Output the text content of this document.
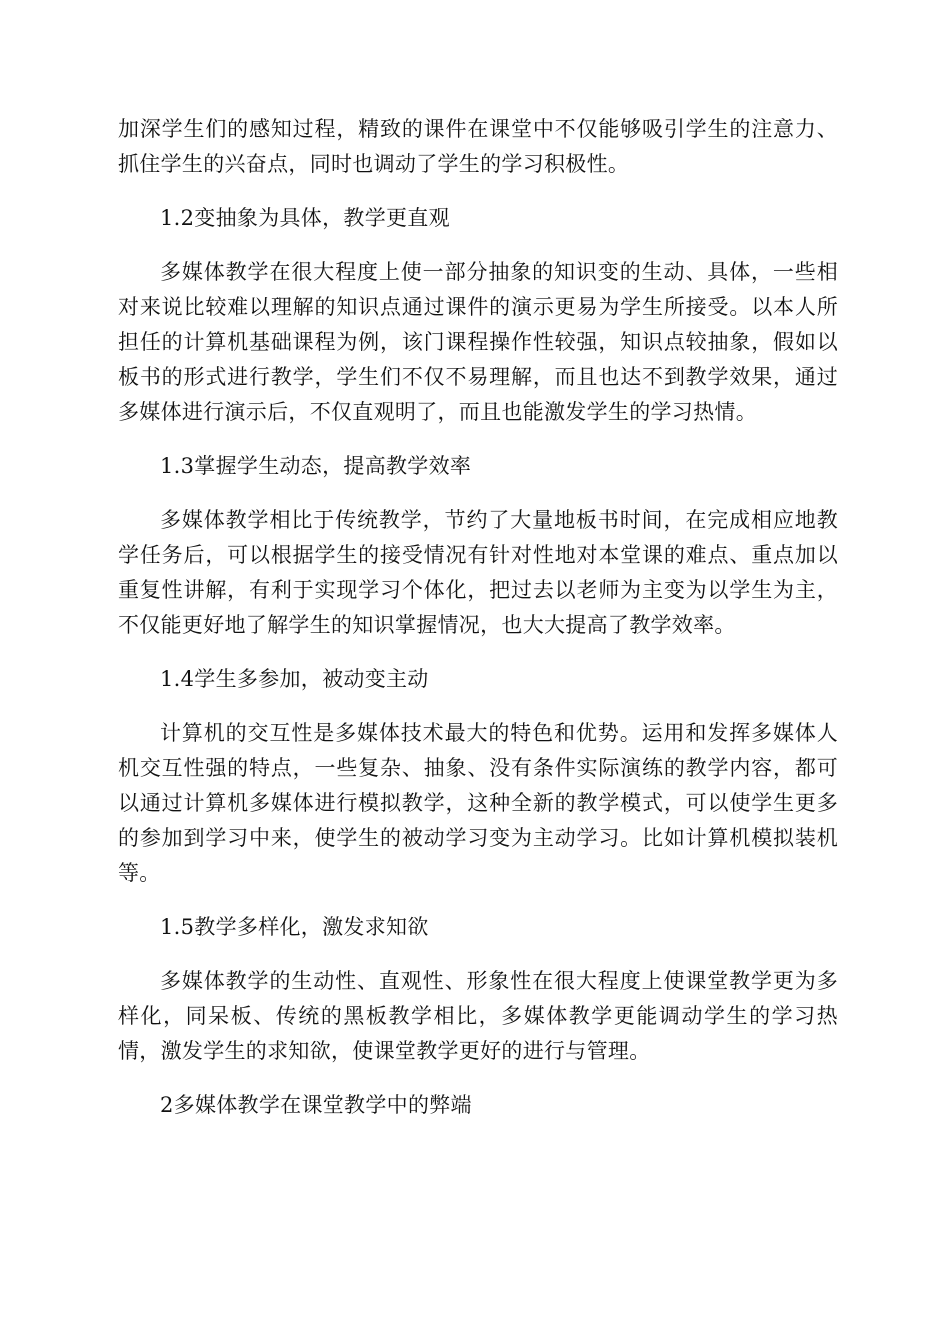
加深学生们的感知过程，精致的课件在课堂中不仅能够吸引学生的注意力、抓住学生的兴奋点，同时也调动了学生的学习积极性。

1.2变抽象为具体，教学更直观

多媒体教学在很大程度上使一部分抽象的知识变的生动、具体，一些相对来说比较难以理解的知识点通过课件的演示更易为学生所接受。以本人所担任的计算机基础课程为例，该门课程操作性较强，知识点较抽象，假如以板书的形式进行教学，学生们不仅不易理解，而且也达不到教学效果，通过多媒体进行演示后，不仅直观明了，而且也能激发学生的学习热情。

1.3掌握学生动态，提高教学效率

多媒体教学相比于传统教学，节约了大量地板书时间，在完成相应地教学任务后，可以根据学生的接受情况有针对性地对本堂课的难点、重点加以重复性讲解，有利于实现学习个体化，把过去以老师为主变为以学生为主，不仅能更好地了解学生的知识掌握情况，也大大提高了教学效率。

1.4学生多参加，被动变主动

计算机的交互性是多媒体技术最大的特色和优势。运用和发挥多媒体人机交互性强的特点，一些复杂、抽象、没有条件实际演练的教学内容，都可以通过计算机多媒体进行模拟教学，这种全新的教学模式，可以使学生更多的参加到学习中来，使学生的被动学习变为主动学习。比如计算机模拟装机等。

1.5教学多样化，激发求知欲

多媒体教学的生动性、直观性、形象性在很大程度上使课堂教学更为多样化，同呆板、传统的黑板教学相比，多媒体教学更能调动学生的学习热情，激发学生的求知欲，使课堂教学更好的进行与管理。

2多媒体教学在课堂教学中的弊端
